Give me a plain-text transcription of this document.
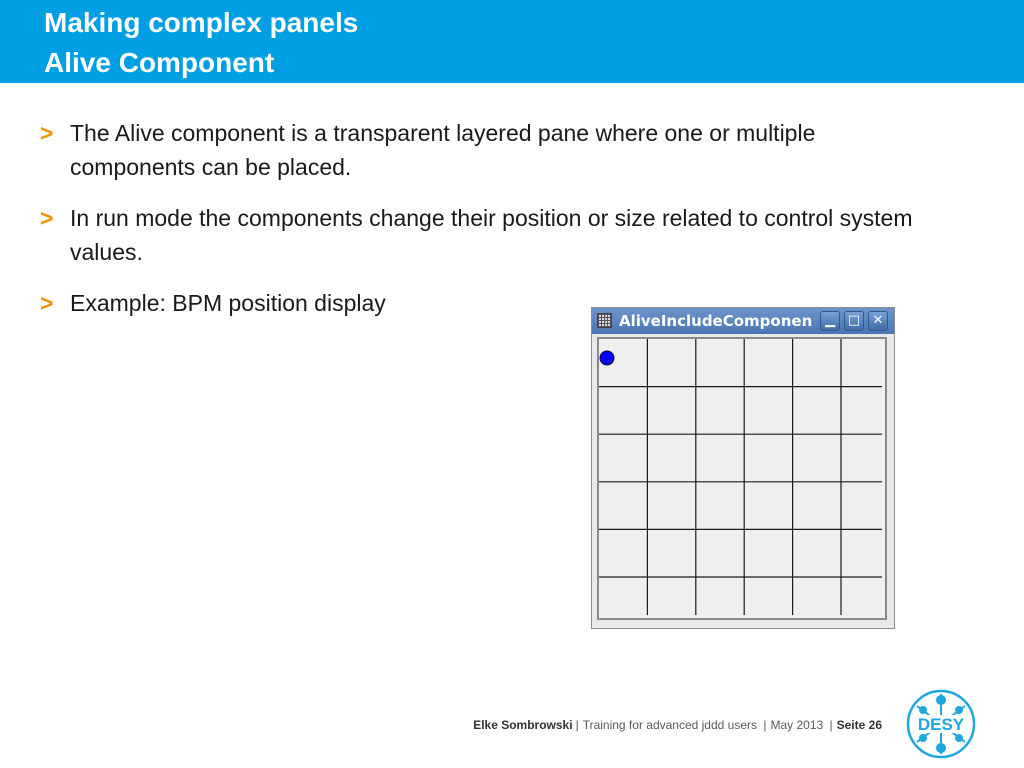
Making complex panels
Alive Component
> The Alive component is a transparent layered pane where one or multiple components can be placed.
> In run mode the components change their position or size related to control system values.
> Example: BPM position display
AliveIncludeComponen ▁ □ ✕
Elke Sombrowski | Training for advanced jddd users | May 2013 | Seite 26 DESY
